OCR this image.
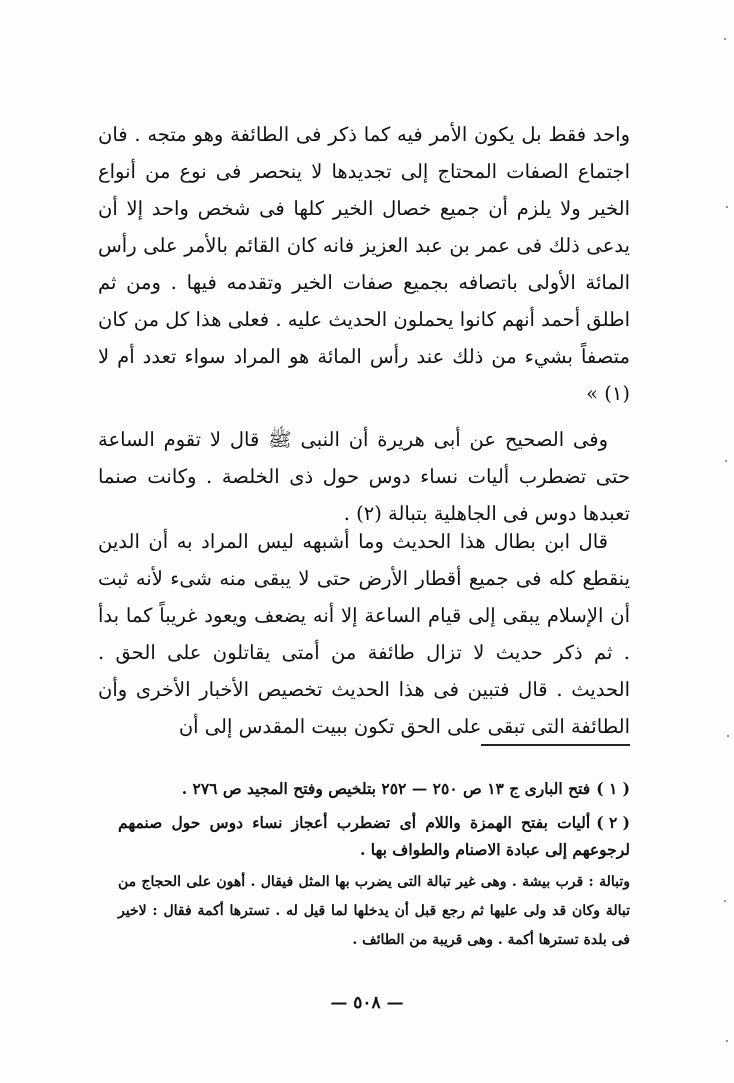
واحد فقط بل يكون الأمر فيه كما ذكر فى الطائفة وهو متجه . فان اجتماع الصفات المحتاج إلى تجديدها لا ينحصر فى نوع من أنواع الخير ولا يلزم أن جميع خصال الخير كلها فى شخص واحد إلا أن يدعى ذلك فى عمر بن عبد العزيز فانه كان القائم بالأمر على رأس المائة الأولى باتصافه بجميع صفات الخير وتقدمه فيها . ومن ثم اطلق أحمد أنهم كانوا يحملون الحديث عليه . فعلى هذا كل من كان متصفاً بشيء من ذلك عند رأس المائة هو المراد سواء تعدد أم لا (١) »

وفى الصحيح عن أبى هريرة أن النبى ﷺ قال لا تقوم الساعة حتى تضطرب أليات نساء دوس حول ذى الخلصة . وكانت صنما تعبدها دوس فى الجاهلية بتبالة (٢) .

قال ابن بطال هذا الحديث وما أشبهه ليس المراد به أن الدين ينقطع كله فى جميع أقطار الأرض حتى لا يبقى منه شىء لأنه ثبت أن الإسلام يبقى إلى قيام الساعة إلا أنه يضعف ويعود غريباً كما بدأ . ثم ذكر حديث لا تزال طائفة من أمتى يقاتلون على الحق . الحديث . قال فتبين فى هذا الحديث تخصيص الأخبار الأخرى وأن الطائفة التى تبقى على الحق تكون ببيت المقدس إلى أن

( ١ )فتح البارى ج ١٣ ص ٢٥٠ — ٢٥٢ بتلخيص وفتح المجيد ص ٢٧٦ .

( ٢ )أليات بفتح الهمزة واللام أى تضطرب أعجاز نساء دوس حول صنمهم لرجوعهم إلى عبادة الاصنام والطواف بها .

وتبالة : قرب بيشة . وهى غير تبالة التى يضرب بها المثل فيقال . أهون على الحجاج من تبالة وكان قد ولى عليها ثم رجع قبل أن يدخلها لما قيل له . تسترها أكمة فقال : لاخير فى بلدة تسترها أكمة . وهى قريبة من الطائف .

— ٥٠٨ —
